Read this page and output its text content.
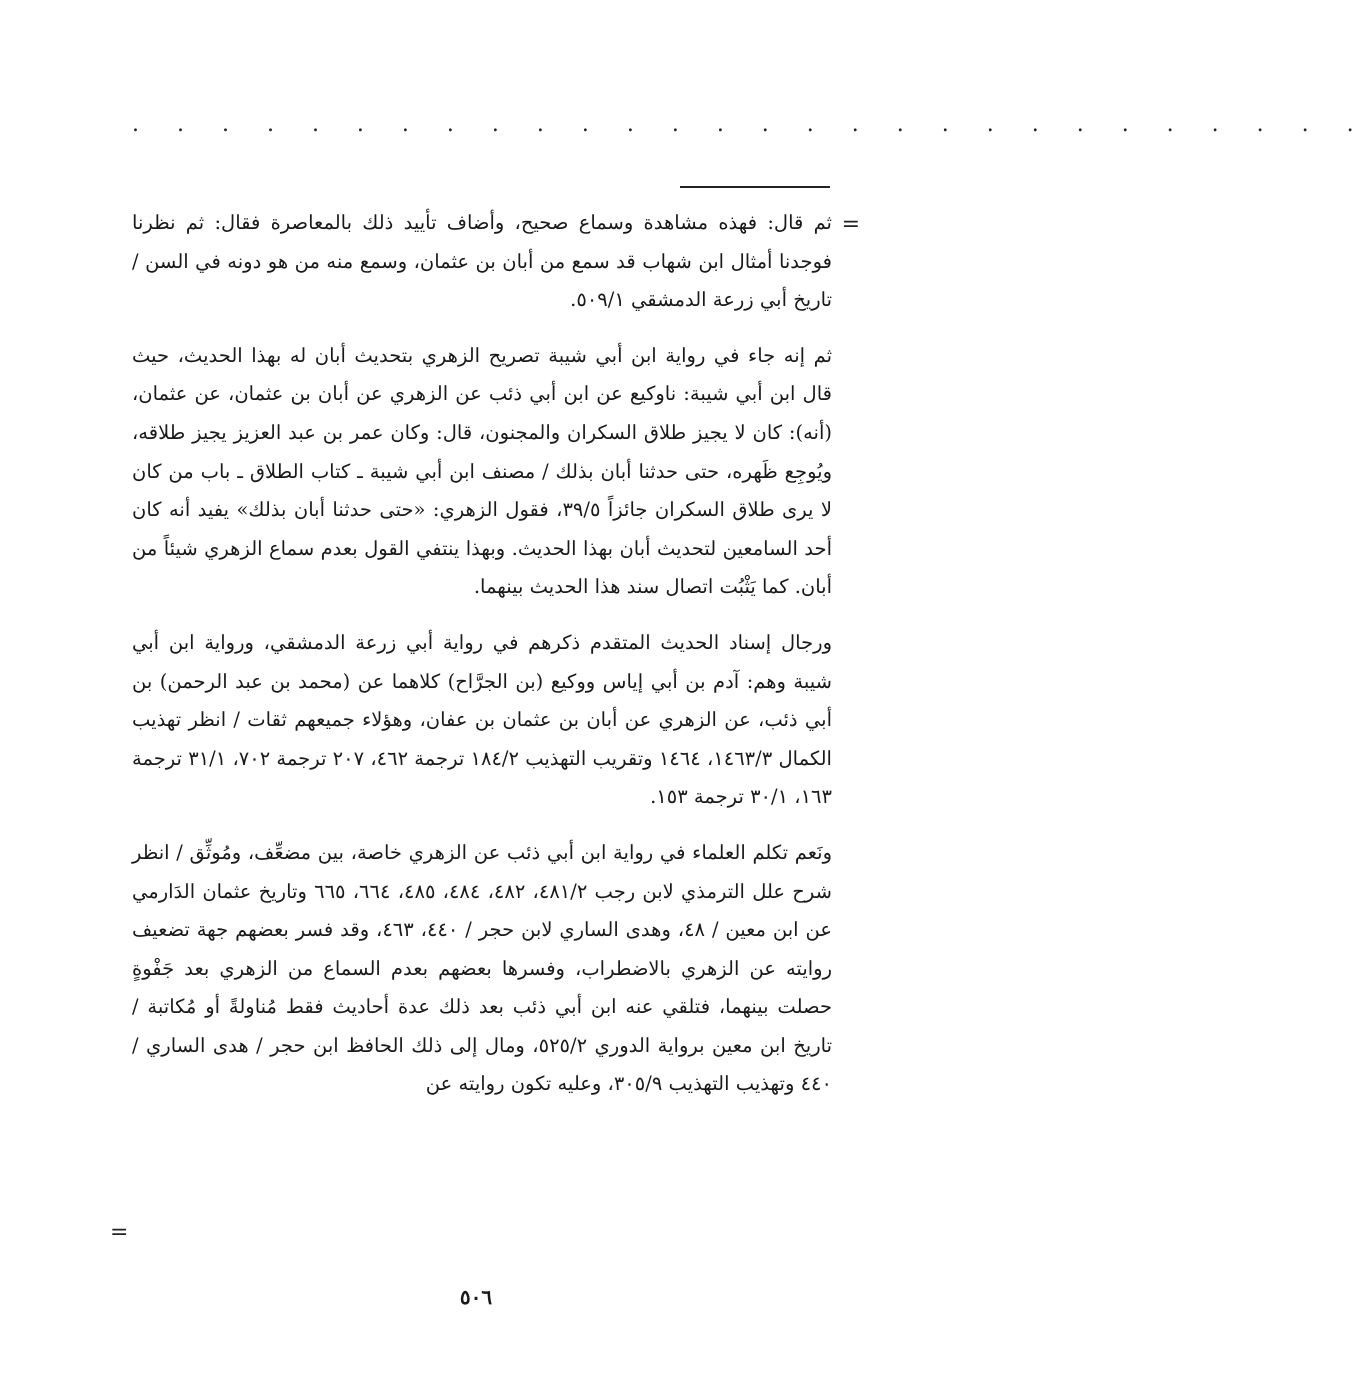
. . . . . . . . . . . . . . . . . . . . . . . . . . . .
=

ثم قال: فهذه مشاهدة وسماع صحيح، وأضاف تأييد ذلك بالمعاصرة فقال: ثم نظرنا فوجدنا أمثال ابن شهاب قد سمع من أبان بن عثمان، وسمع منه من هو دونه في السن / تاريخ أبي زرعة الدمشقي ٥٠٩/١.

ثم إنه جاء في رواية ابن أبي شيبة تصريح الزهري بتحديث أبان له بهذا الحديث، حيث قال ابن أبي شيبة: ناوكيع عن ابن أبي ذئب عن الزهري عن أبان بن عثمان، عن عثمان، (أنه): كان لا يجيز طلاق السكران والمجنون، قال: وكان عمر بن عبد العزيز يجيز طلاقه، ويُوجِع ظَهره، حتى حدثنا أبان بذلك / مصنف ابن أبي شيبة ـ كتاب الطلاق ـ باب من كان لا يرى طلاق السكران جائزاً ٣٩/٥، فقول الزهري: «حتى حدثنا أبان بذلك» يفيد أنه كان أحد السامعين لتحديث أبان بهذا الحديث. وبهذا ينتفي القول بعدم سماع الزهري شيئاً من أبان. كما يَثْبُت اتصال سند هذا الحديث بينهما.

ورجال إسناد الحديث المتقدم ذكرهم في رواية أبي زرعة الدمشقي، ورواية ابن أبي شيبة وهم: آدم بن أبي إياس ووكيع (بن الجرَّاح) كلاهما عن (محمد بن عبد الرحمن) بن أبي ذئب، عن الزهري عن أبان بن عثمان بن عفان، وهؤلاء جميعهم ثقات / انظر تهذيب الكمال ١٤٦٣/٣، ١٤٦٤ وتقريب التهذيب ١٨٤/٢ ترجمة ٤٦٢، ٢٠٧ ترجمة ٧٠٢، ٣١/١ ترجمة ١٦٣، ٣٠/١ ترجمة ١٥٣.

ونَعم تكلم العلماء في رواية ابن أبي ذئب عن الزهري خاصة، بين مضعِّف، ومُوثِّق / انظر شرح علل الترمذي لابن رجب ٤٨١/٢، ٤٨٢، ٤٨٤، ٤٨٥، ٦٦٤، ٦٦٥ وتاريخ عثمان الدَارمي عن ابن معين / ٤٨، وهدى الساري لابن حجر / ٤٤٠، ٤٦٣، وقد فسر بعضهم جهة تضعيف روايته عن الزهري بالاضطراب، وفسرها بعضهم بعدم السماع من الزهري بعد جَفْوةٍ حصلت بينهما، فتلقي عنه ابن أبي ذئب بعد ذلك عدة أحاديث فقط مُناولةً أو مُكاتبة / تاريخ ابن معين برواية الدوري ٥٢٥/٢، ومال إلى ذلك الحافظ ابن حجر / هدى الساري / ٤٤٠ وتهذيب التهذيب ٣٠٥/٩، وعليه تكون روايته عن

=
٥٠٦
